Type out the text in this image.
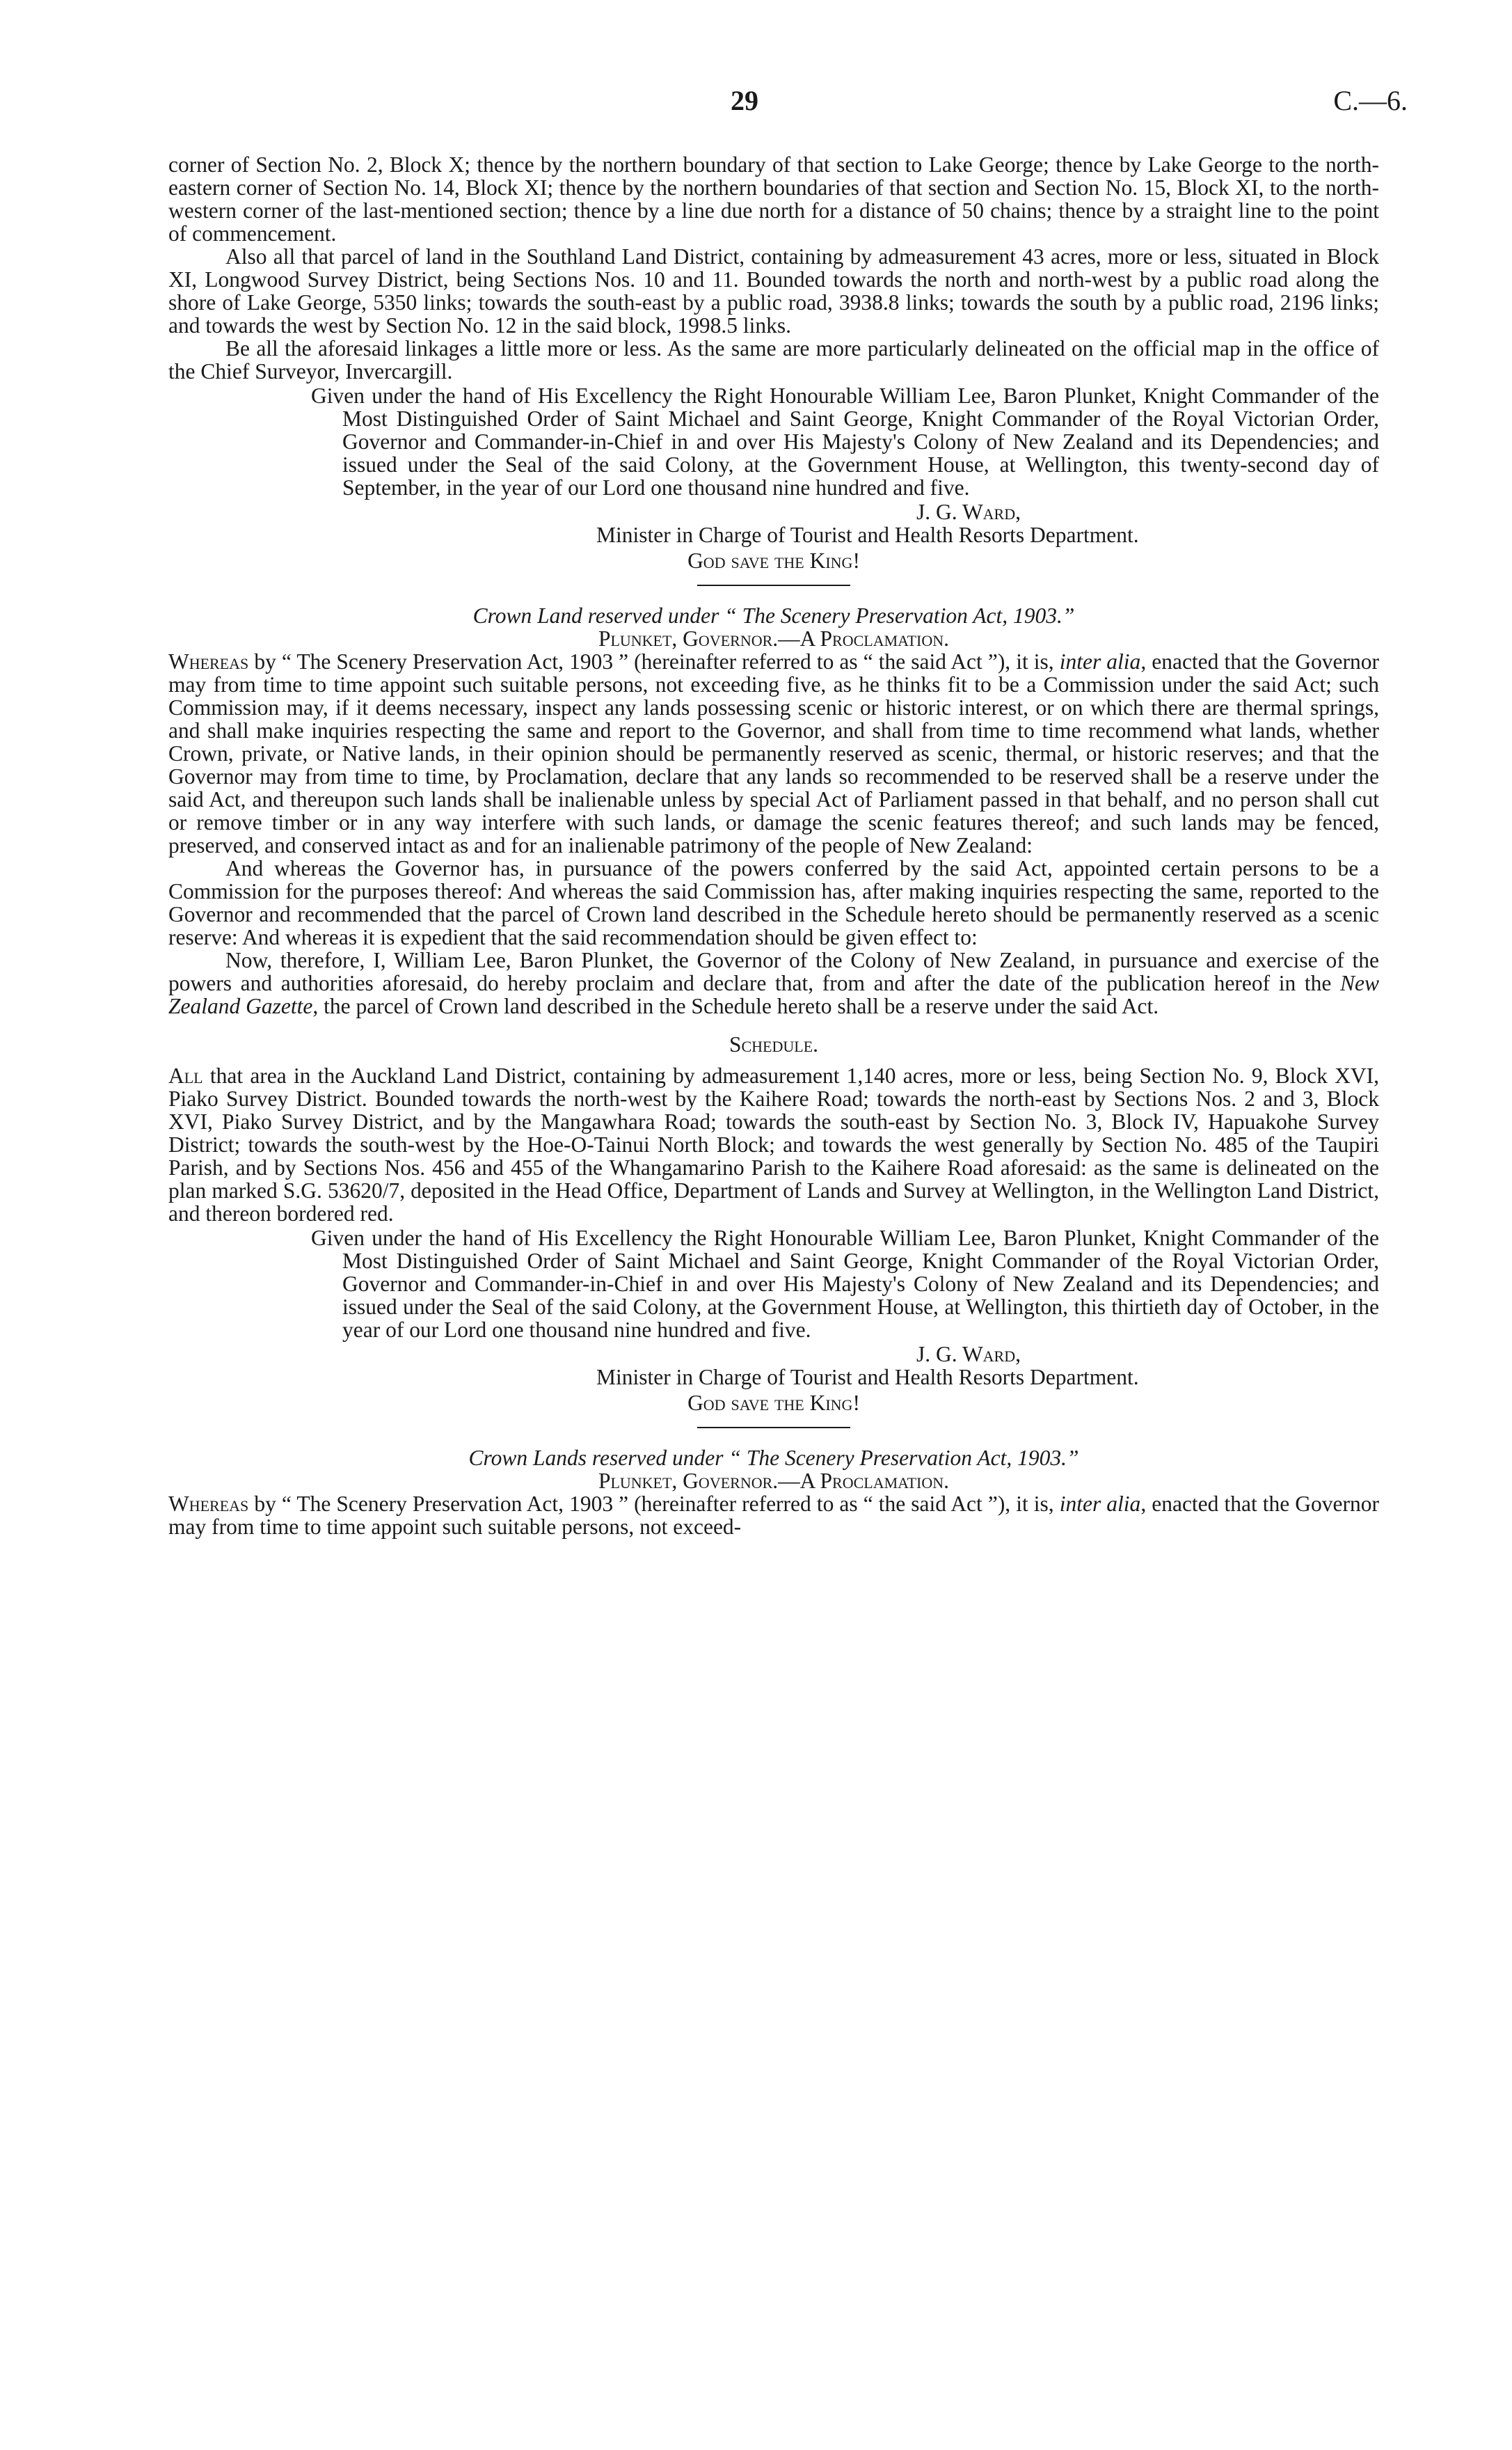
29	C.—6.

corner of Section No. 2, Block X; thence by the northern boundary of that section to Lake George; thence by Lake George to the north-eastern corner of Section No. 14, Block XI; thence by the northern boundaries of that section and Section No. 15, Block XI, to the north-western corner of the last-mentioned section; thence by a line due north for a distance of 50 chains; thence by a straight line to the point of commencement.

Also all that parcel of land in the Southland Land District, containing by admeasurement 43 acres, more or less, situated in Block XI, Longwood Survey District, being Sections Nos. 10 and 11. Bounded towards the north and north-west by a public road along the shore of Lake George, 5350 links; towards the south-east by a public road, 3938.8 links; towards the south by a public road, 2196 links; and towards the west by Section No. 12 in the said block, 1998.5 links.

Be all the aforesaid linkages a little more or less. As the same are more particularly delineated on the official map in the office of the Chief Surveyor, Invercargill.

Given under the hand of His Excellency the Right Honourable William Lee, Baron Plunket, Knight Commander of the Most Distinguished Order of Saint Michael and Saint George, Knight Commander of the Royal Victorian Order, Governor and Commander-in-Chief in and over His Majesty's Colony of New Zealand and its Dependencies; and issued under the Seal of the said Colony, at the Government House, at Wellington, this twenty-second day of September, in the year of our Lord one thousand nine hundred and five.

J. G. Ward,

Minister in Charge of Tourist and Health Resorts Department.

God save the King!

Crown Land reserved under “ The Scenery Preservation Act, 1903.”

Plunket, Governor.—A Proclamation.

Whereas by “ The Scenery Preservation Act, 1903 ” (hereinafter referred to as “ the said Act ”), it is, inter alia, enacted that the Governor may from time to time appoint such suitable persons, not exceeding five, as he thinks fit to be a Commission under the said Act; such Commission may, if it deems necessary, inspect any lands possessing scenic or historic interest, or on which there are thermal springs, and shall make inquiries respecting the same and report to the Governor, and shall from time to time recommend what lands, whether Crown, private, or Native lands, in their opinion should be permanently reserved as scenic, thermal, or historic reserves; and that the Governor may from time to time, by Proclamation, declare that any lands so recommended to be reserved shall be a reserve under the said Act, and thereupon such lands shall be inalienable unless by special Act of Parliament passed in that behalf, and no person shall cut or remove timber or in any way interfere with such lands, or damage the scenic features thereof; and such lands may be fenced, preserved, and conserved intact as and for an inalienable patrimony of the people of New Zealand:

And whereas the Governor has, in pursuance of the powers conferred by the said Act, appointed certain persons to be a Commission for the purposes thereof: And whereas the said Commission has, after making inquiries respecting the same, reported to the Governor and recommended that the parcel of Crown land described in the Schedule hereto should be permanently reserved as a scenic reserve: And whereas it is expedient that the said recommendation should be given effect to:

Now, therefore, I, William Lee, Baron Plunket, the Governor of the Colony of New Zealand, in pursuance and exercise of the powers and authorities aforesaid, do hereby proclaim and declare that, from and after the date of the publication hereof in the New Zealand Gazette, the parcel of Crown land described in the Schedule hereto shall be a reserve under the said Act.

Schedule.

All that area in the Auckland Land District, containing by admeasurement 1,140 acres, more or less, being Section No. 9, Block XVI, Piako Survey District. Bounded towards the north-west by the Kaihere Road; towards the north-east by Sections Nos. 2 and 3, Block XVI, Piako Survey District, and by the Mangawhara Road; towards the south-east by Section No. 3, Block IV, Hapuakohe Survey District; towards the south-west by the Hoe-O-Tainui North Block; and towards the west generally by Section No. 485 of the Taupiri Parish, and by Sections Nos. 456 and 455 of the Whangamarino Parish to the Kaihere Road aforesaid: as the same is delineated on the plan marked S.G. 53620/7, deposited in the Head Office, Department of Lands and Survey at Wellington, in the Wellington Land District, and thereon bordered red.

Given under the hand of His Excellency the Right Honourable William Lee, Baron Plunket, Knight Commander of the Most Distinguished Order of Saint Michael and Saint George, Knight Commander of the Royal Victorian Order, Governor and Commander-in-Chief in and over His Majesty's Colony of New Zealand and its Dependencies; and issued under the Seal of the said Colony, at the Government House, at Wellington, this thirtieth day of October, in the year of our Lord one thousand nine hundred and five.

J. G. Ward,

Minister in Charge of Tourist and Health Resorts Department.

God save the King!

Crown Lands reserved under “ The Scenery Preservation Act, 1903.”

Plunket, Governor.—A Proclamation.

Whereas by “ The Scenery Preservation Act, 1903 ” (hereinafter referred to as “ the said Act ”), it is, inter alia, enacted that the Governor may from time to time appoint such suitable persons, not exceed-
